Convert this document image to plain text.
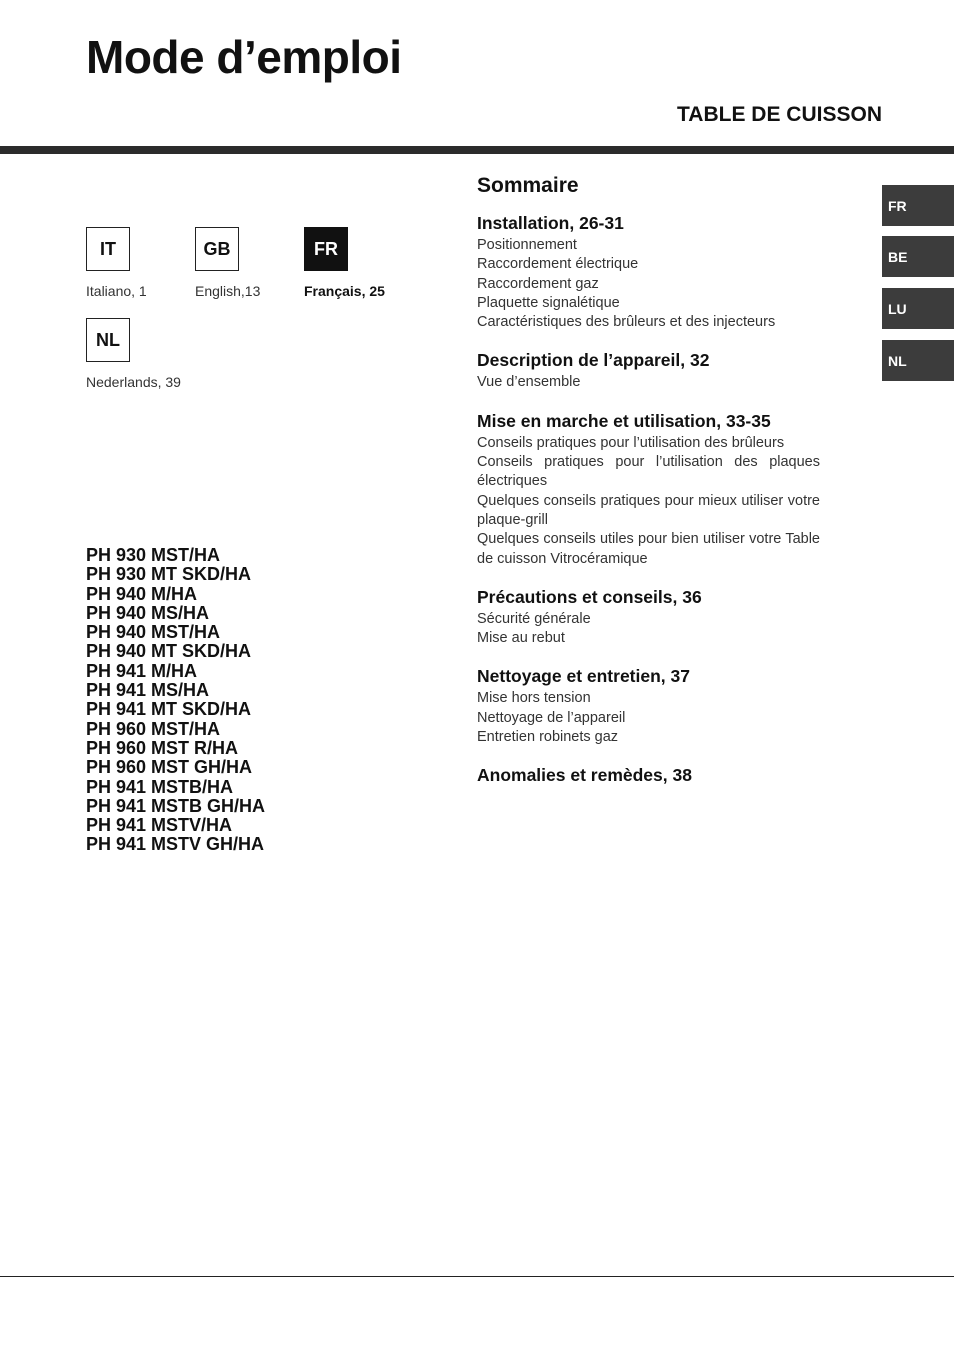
Mode d’emploi
TABLE DE CUISSON
IT
Italiano, 1
GB
English,13
FR
Français, 25
NL
Nederlands, 39
PH 930 MST/HA
PH 930 MT SKD/HA
PH 940 M/HA
PH 940 MS/HA
PH 940 MST/HA
PH 940 MT SKD/HA
PH 941 M/HA
PH 941 MS/HA
PH 941 MT SKD/HA
PH 960 MST/HA
PH 960 MST R/HA
PH 960 MST GH/HA
PH 941 MSTB/HA
PH 941 MSTB GH/HA
PH 941 MSTV/HA
PH 941 MSTV GH/HA
Sommaire
Installation, 26-31
Positionnement
Raccordement électrique
Raccordement gaz
Plaquette signalétique
Caractéristiques des brûleurs et des injecteurs
Description de l’appareil, 32
Vue d’ensemble
Mise en marche et utilisation, 33-35
Conseils pratiques pour l’utilisation des brûleurs
Conseils pratiques pour l’utilisation des plaques électriques
Quelques conseils pratiques pour mieux utiliser votre plaque-grill
Quelques conseils utiles pour bien utiliser votre Table de cuisson Vitrocéramique
Précautions et conseils, 36
Sécurité générale
Mise au rebut
Nettoyage et entretien, 37
Mise hors tension
Nettoyage de l’appareil
Entretien robinets gaz
Anomalies et remèdes, 38
FR
BE
LU
NL
